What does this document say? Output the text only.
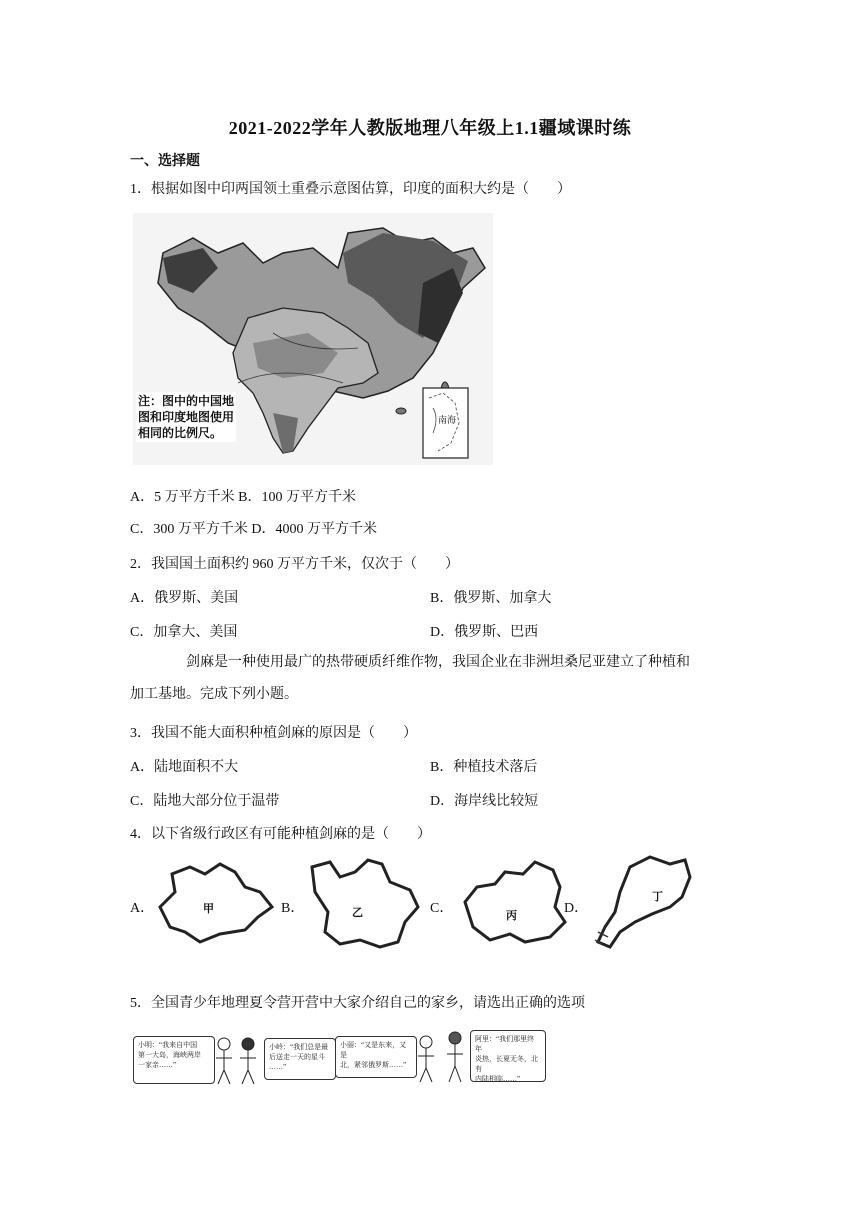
2021-2022学年人教版地理八年级上1.1疆域课时练
一、选择题
1．根据如图中印两国领土重叠示意图估算，印度的面积大约是（　　）
注：图中的中国地
图和印度地图使用
相同的比例尺。
南海
A．5 万平方千米 B．100 万平方千米
C．300 万平方千米 D．4000 万平方千米
2．我国国土面积约 960 万平方千米，仅次于（　　）
A．俄罗斯、美国	B．俄罗斯、加拿大
C．加拿大、美国	D．俄罗斯、巴西
剑麻是一种使用最广的热带硬质纤维作物，我国企业在非洲坦桑尼亚建立了种植和
加工基地。完成下列小题。
3．我国不能大面积种植剑麻的原因是（　　）
A．陆地面积不大	B．种植技术落后
C．陆地大部分位于温带	D．海岸线比较短
4．以下省级行政区有可能种植剑麻的是（　　）
A．	甲	B．	乙	C．	丙	D．
丁
5．全国青少年地理夏令营开营中大家介绍自己的家乡，请选出正确的选项
小明：“我来自中国
第一大岛，海峡两岸
一家亲……”
小岭：“我们总是最
后送走一天的星斗
……”
小丽：“又是东来，又是
北，紧邻俄罗斯……”
阿里：“我们那里终年
炎热，长夏无冬，北有
内陆相临……”
